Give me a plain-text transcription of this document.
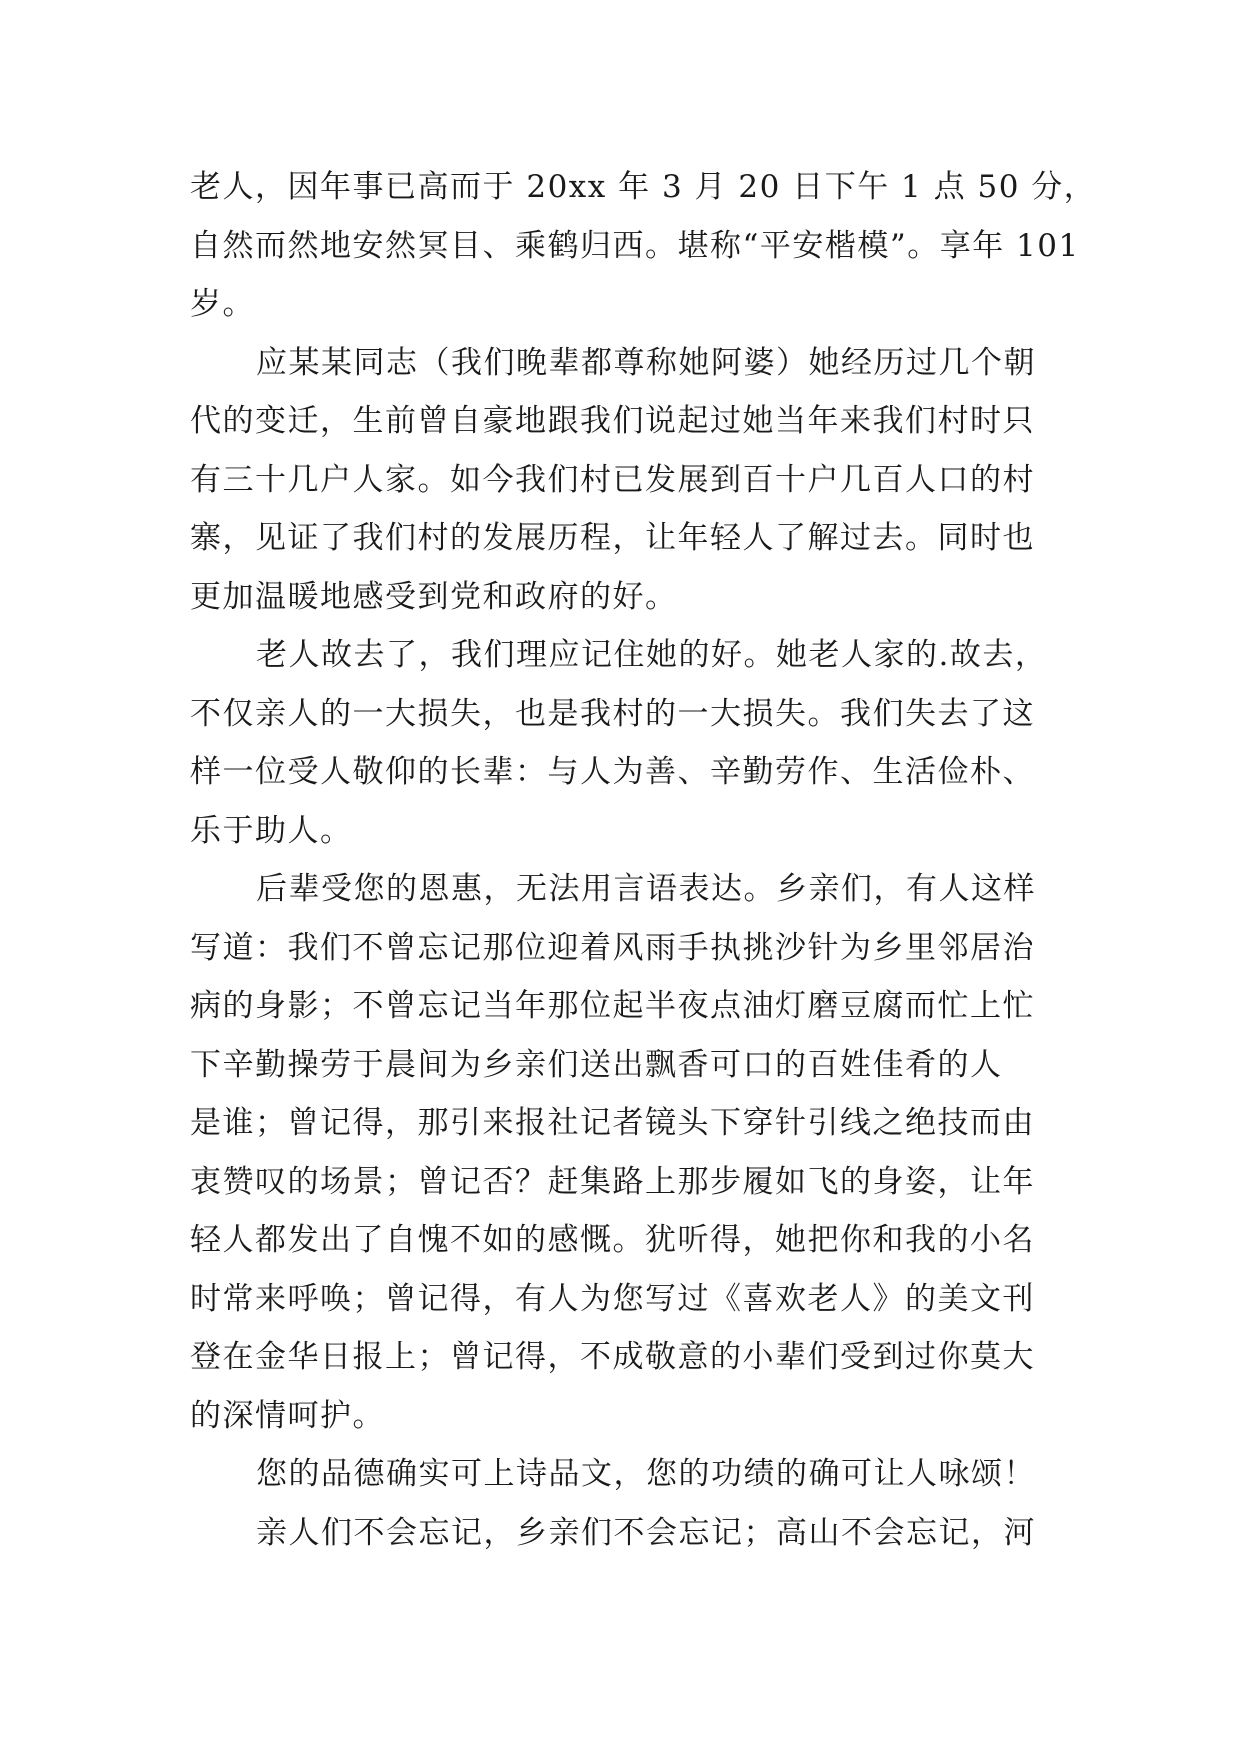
老人，因年事已高而于 20xx 年 3 月 20 日下午 1 点 50 分，
自然而然地安然冥目、乘鹤归西。堪称“平安楷模”。享年 101
岁。
应某某同志（我们晚辈都尊称她阿婆）她经历过几个朝
代的变迁，生前曾自豪地跟我们说起过她当年来我们村时只
有三十几户人家。如今我们村已发展到百十户几百人口的村
寨，见证了我们村的发展历程，让年轻人了解过去。同时也
更加温暖地感受到党和政府的好。
老人故去了，我们理应记住她的好。她老人家的.故去，
不仅亲人的一大损失，也是我村的一大损失。我们失去了这
样一位受人敬仰的长辈：与人为善、辛勤劳作、生活俭朴、
乐于助人。
后辈受您的恩惠，无法用言语表达。乡亲们，有人这样
写道：我们不曾忘记那位迎着风雨手执挑沙针为乡里邻居治
病的身影；不曾忘记当年那位起半夜点油灯磨豆腐而忙上忙
下辛勤操劳于晨间为乡亲们送出飘香可口的百姓佳肴的人
是谁；曾记得，那引来报社记者镜头下穿针引线之绝技而由
衷赞叹的场景；曾记否？赶集路上那步履如飞的身姿，让年
轻人都发出了自愧不如的感慨。犹听得，她把你和我的小名
时常来呼唤；曾记得，有人为您写过《喜欢老人》的美文刊
登在金华日报上；曾记得，不成敬意的小辈们受到过你莫大
的深情呵护。
您的品德确实可上诗品文，您的功绩的确可让人咏颂！
亲人们不会忘记，乡亲们不会忘记；高山不会忘记，河
